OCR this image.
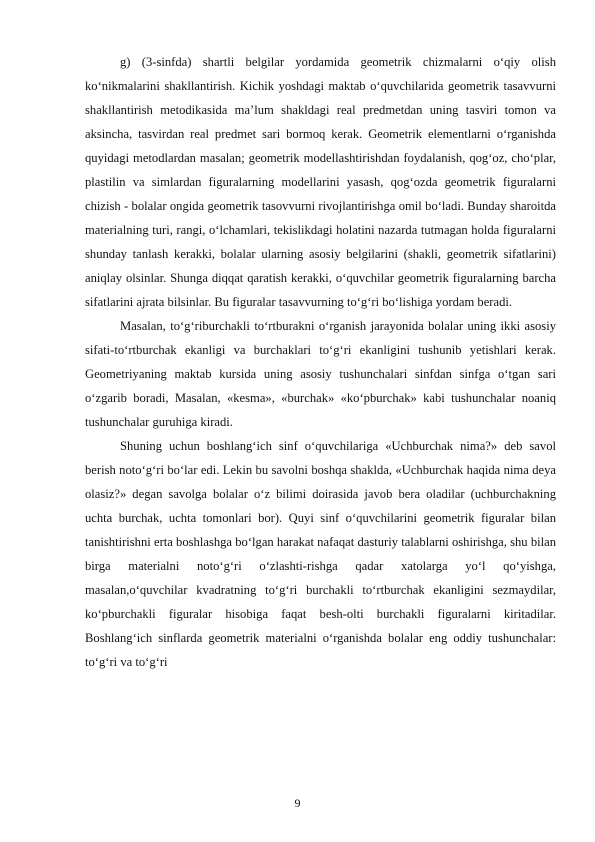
g) (3-sinfda) shartli belgilar yordamida geometrik chizmalarni o‘qiy olish ko‘nikmalarini shakllantirish. Kichik yoshdagi maktab o‘quvchilarida geometrik tasavvurni shakllantirish metodikasida ma’lum shakldagi real predmetdan uning tasviri tomon va aksincha, tasvirdan real predmet sari bormoq kerak. Geometrik elementlarni o‘rganishda quyidagi metodlardan masalan; geometrik modellashtirishdan foydalanish, qog‘oz, cho‘plar, plastilin va simlardan figuralarning modellarini yasash, qog‘ozda geometrik figuralarni chizish - bolalar ongida geometrik tasovvurni rivojlantirishga omil bo‘ladi. Bunday sharoitda materialning turi, rangi, o‘lchamlari, tekislikdagi holatini nazarda tutmagan holda figuralarni shunday tanlash kerakki, bolalar ularning asosiy belgilarini (shakli, geometrik sifatlarini) aniqlay olsinlar. Shunga diqqat qaratish kerakki, o‘quvchilar geometrik figuralarning barcha sifatlarini ajrata bilsinlar. Bu figuralar tasavvurning to‘g‘ri bo‘lishiga yordam beradi.

Masalan, to‘g‘riburchakli to‘rtburakni o‘rganish jarayonida bolalar uning ikki asosiy sifati-to‘rtburchak ekanligi va burchaklari to‘g‘ri ekanligini tushunib yetishlari kerak. Geometriyaning maktab kursida uning asosiy tushunchalari sinfdan sinfga o‘tgan sari o‘zgarib boradi, Masalan, «kesma», «burchak» «ko‘pburchak» kabi tushunchalar noaniq tushunchalar guruhiga kiradi.

Shuning uchun boshlang‘ich sinf o‘quvchilariga «Uchburchak nima?» deb savol berish noto‘g‘ri bo‘lar edi. Lekin bu savolni boshqa shaklda, «Uchburchak haqida nima deya olasiz?» degan savolga bolalar o‘z bilimi doirasida javob bera oladilar (uchburchakning uchta burchak, uchta tomonlari bor). Quyi sinf o‘quvchilarini geometrik figuralar bilan tanishtirishni erta boshlashga bo‘lgan harakat nafaqat dasturiy talablarni oshirishga, shu bilan birga materialni noto‘g‘ri o‘zlashti-rishga qadar xatolarga yo‘l qo‘yishga, masalan,o‘quvchilar kvadratning to‘g‘ri burchakli to‘rtburchak ekanligini sezmaydilar, ko‘pburchakli figuralar hisobiga faqat besh-olti burchakli figuralarni kiritadilar. Boshlang‘ich sinflarda geometrik materialni o‘rganishda bolalar eng oddiy tushunchalar: to‘g‘ri va to‘g‘ri

9
